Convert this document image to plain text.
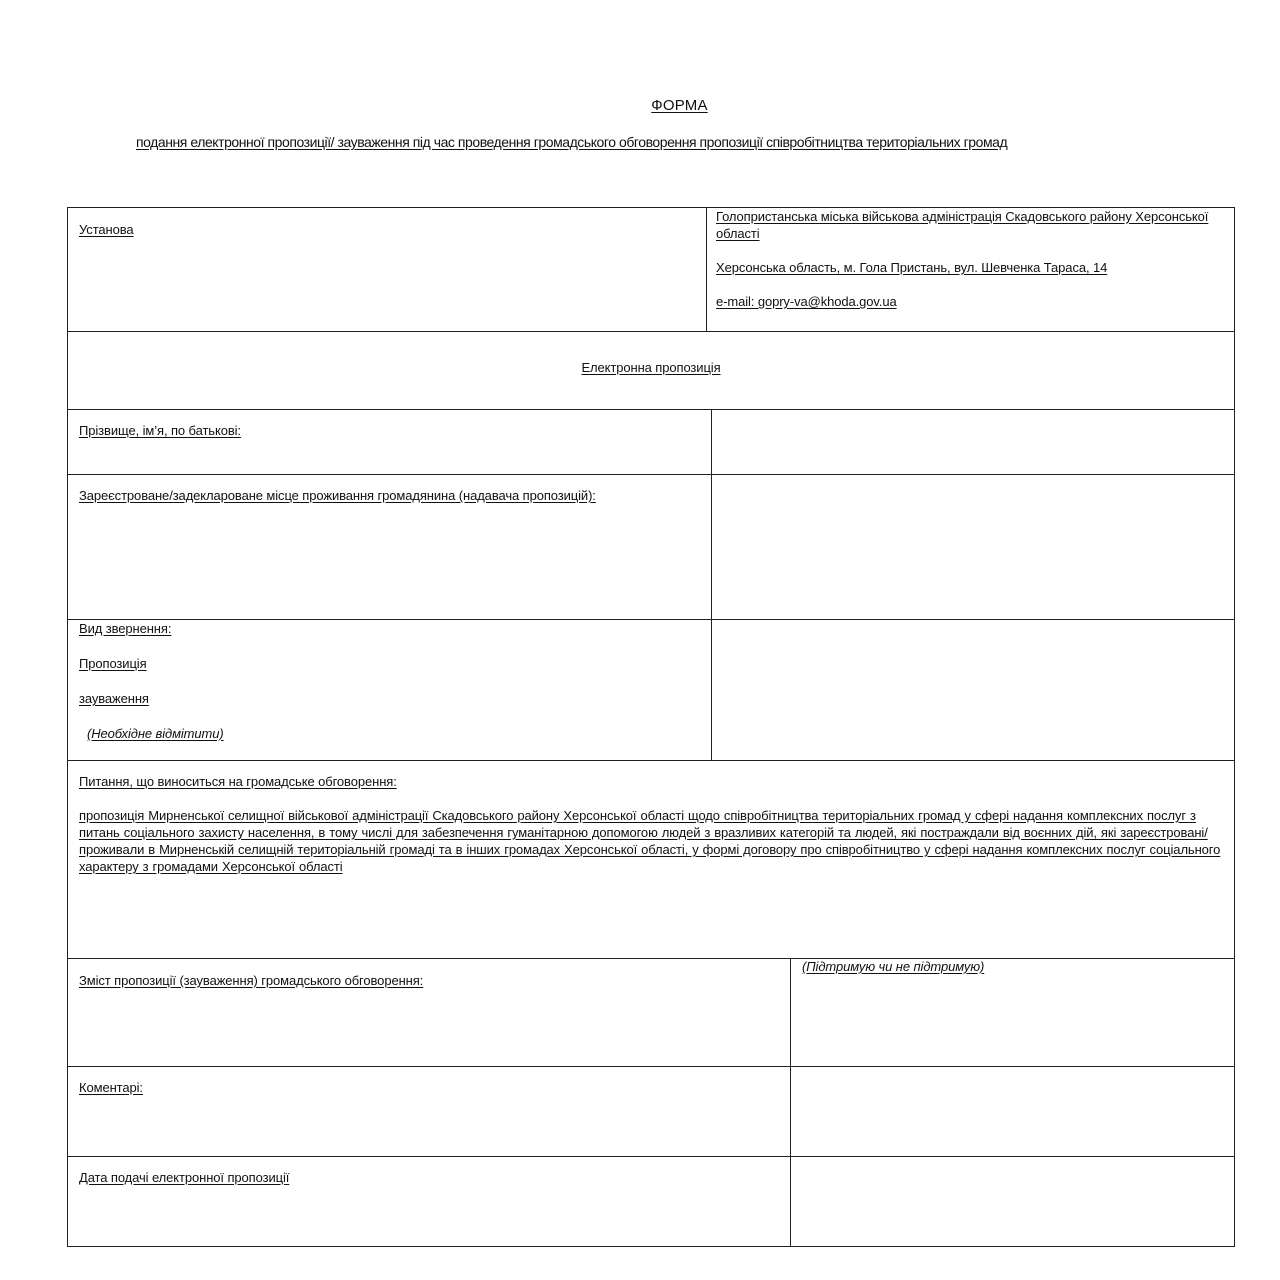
ФОРМА
подання електронної пропозиції/ зауваження під час проведення громадського обговорення пропозиції співробітництва територіальних громад
Установа

Голопристанська міська військова адміністрація Скадовського району Херсонської області

Херсонська область, м. Гола Пристань, вул. Шевченка Тараса, 14

e-mail: gopry-va@khoda.gov.ua

Електронна пропозиція
Прізвище, ім’я, по батькові:
Зареєстроване/задекларoване місце проживання громадянина (надавача пропозицій):

Вид звернення:

Пропозиція

зауваження

(Необхідне відмітити)

Питання, що виноситься на громадське обговорення:
пропозиція Мирненської селищної військової адміністрації Скадовського району Херсонської області щодо співробітництва територіальних громад у сфері надання комплексних послуг з питань соціального захисту населення, в тому числі для забезпечення гуманітарною допомогою людей з вразливих категорій та людей, які постраждали від воєнних дій, які зареєстровані/проживали в Мирненській селищній територіальній громаді та в інших громадах Херсонської області, у формі договору про співробітництво у сфері надання комплексних послуг соціального характеру з громадами Херсонської області
Зміст пропозиції (зауваження) громадського обговорення:
(Підтримую чи не підтримую)
Коментарі:
Дата подачі електронної пропозиції
